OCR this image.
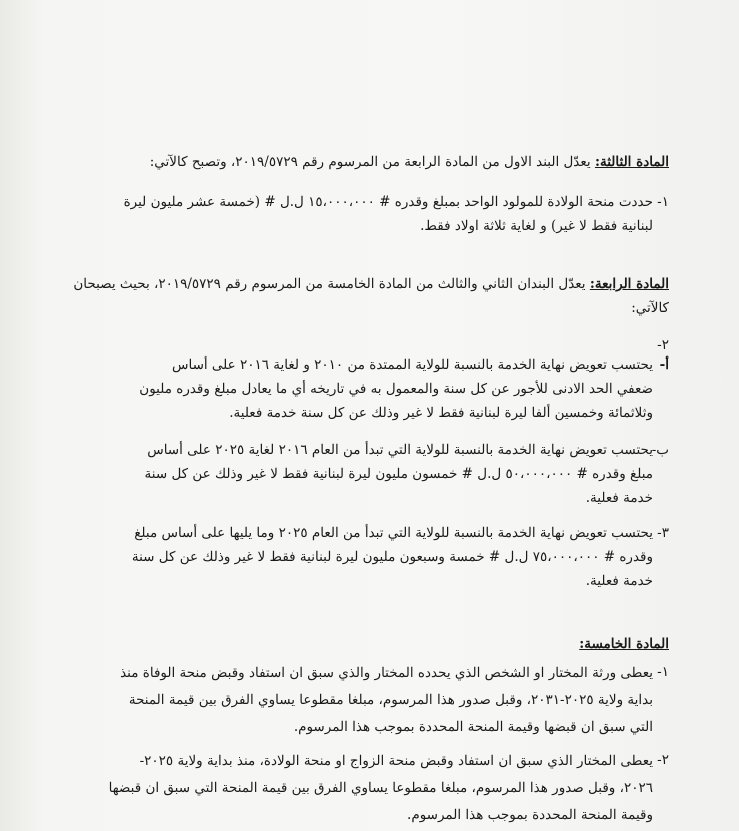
المادة الثالثة: يعدّل البند الاول من المادة الرابعة من المرسوم رقم ٢٠١٩/٥٧٢٩، وتصبح كالآتي:
١-
حددت منحة الولادة للمولود الواحد بمبلغ وقدره # ١٥،٠٠٠،٠٠٠ ل.ل # (خمسة عشر مليون ليرة
لبنانية فقط لا غير) و لغاية ثلاثة اولاد فقط.
المادة الرابعة: يعدّل البندان الثاني والثالث من المادة الخامسة من المرسوم رقم ٢٠١٩/٥٧٢٩، بحيث يصبحان
كالآتي:
٢-
أ-
يحتسب تعويض نهاية الخدمة بالنسبة للولاية الممتدة من ٢٠١٠ و لغاية ٢٠١٦ على أساس
ضعفي الحد الادنى للأجور عن كل سنة والمعمول به في تاريخه أي ما يعادل مبلغ وقدره مليون
وثلاثمائة وخمسين ألفا ليرة لبنانية فقط لا غير وذلك عن كل سنة خدمة فعلية.
ب-
يحتسب تعويض نهاية الخدمة بالنسبة للولاية التي تبدأ من العام ٢٠١٦ لغاية ٢٠٢٥ على أساس
مبلغ وقدره # ٥٠،٠٠٠،٠٠٠ ل.ل # خمسون مليون ليرة لبنانية فقط لا غير وذلك عن كل سنة
خدمة فعلية.
٣-
يحتسب تعويض نهاية الخدمة بالنسبة للولاية التي تبدأ من العام ٢٠٢٥ وما يليها على أساس مبلغ
وقدره # ٧٥،٠٠٠،٠٠٠ ل.ل # خمسة وسبعون مليون ليرة لبنانية فقط لا غير وذلك عن كل سنة
خدمة فعلية.
المادة الخامسة:
١-
يعطى ورثة المختار او الشخص الذي يحدده المختار والذي سبق ان استفاد وقبض منحة الوفاة منذ
بداية ولاية ٢٠٢٥-٢٠٣١، وقبل صدور هذا المرسوم، مبلغا مقطوعا يساوي الفرق بين قيمة المنحة
التي سبق ان قبضها وقيمة المنحة المحددة بموجب هذا المرسوم.
٢-
يعطى المختار الذي سبق ان استفاد وقبض منحة الزواج او منحة الولادة، منذ بداية ولاية ٢٠٢٥-
٢٠٢٦، وقبل صدور هذا المرسوم، مبلغا مقطوعا يساوي الفرق بين قيمة المنحة التي سبق ان قبضها
وقيمة المنحة المحددة بموجب هذا المرسوم.
